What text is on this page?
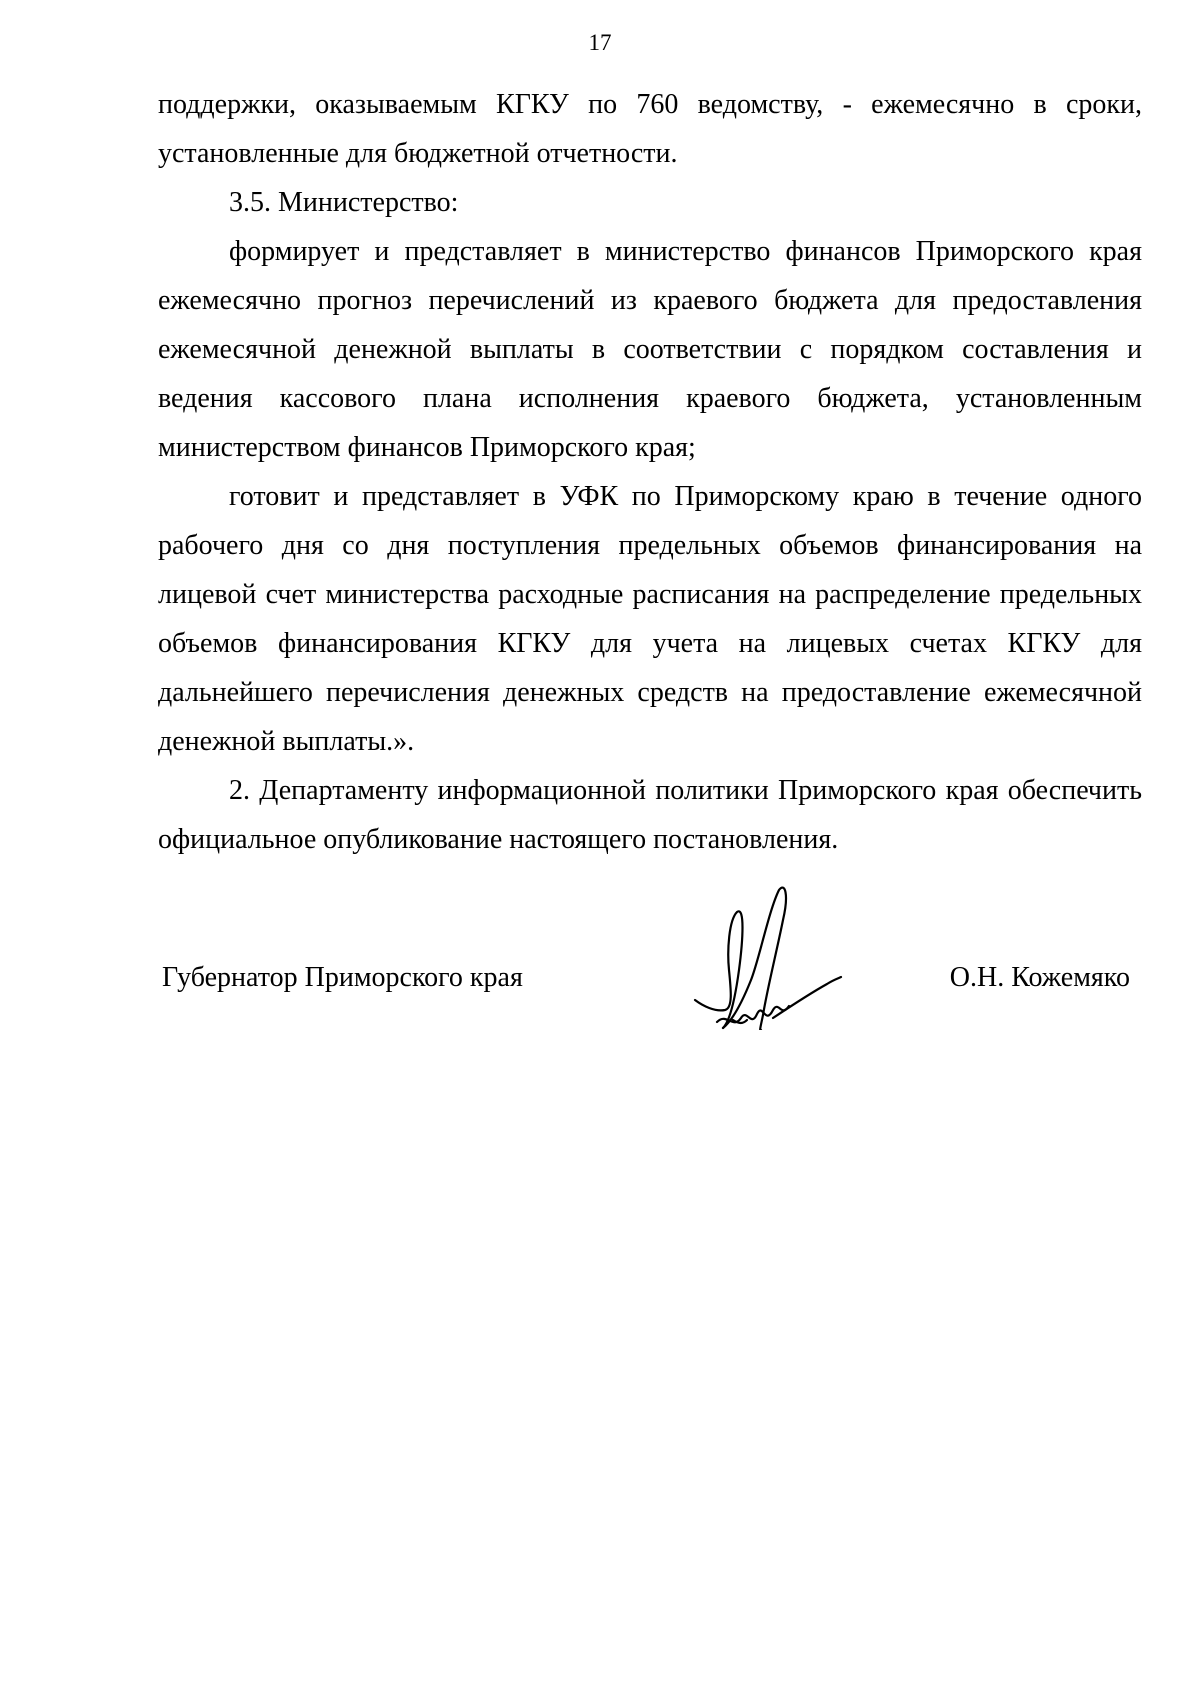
17

поддержки, оказываемым КГКУ по 760 ведомству, - ежемесячно в сроки, установленные для бюджетной отчетности.

3.5. Министерство:

формирует и представляет в министерство финансов Приморского края ежемесячно прогноз перечислений из краевого бюджета для предоставления ежемесячной денежной выплаты в соответствии с порядком составления и ведения кассового плана исполнения краевого бюджета, установленным министерством финансов Приморского края;

готовит и представляет в УФК по Приморскому краю в течение одного рабочего дня со дня поступления предельных объемов финансирования на лицевой счет министерства расходные расписания на распределение предельных объемов финансирования КГКУ для учета на лицевых счетах КГКУ для дальнейшего перечисления денежных средств на предоставление ежемесячной денежной выплаты.».

2. Департаменту информационной политики Приморского края обеспечить официальное опубликование настоящего постановления.

Губернатор Приморского края	О.Н. Кожемяко
